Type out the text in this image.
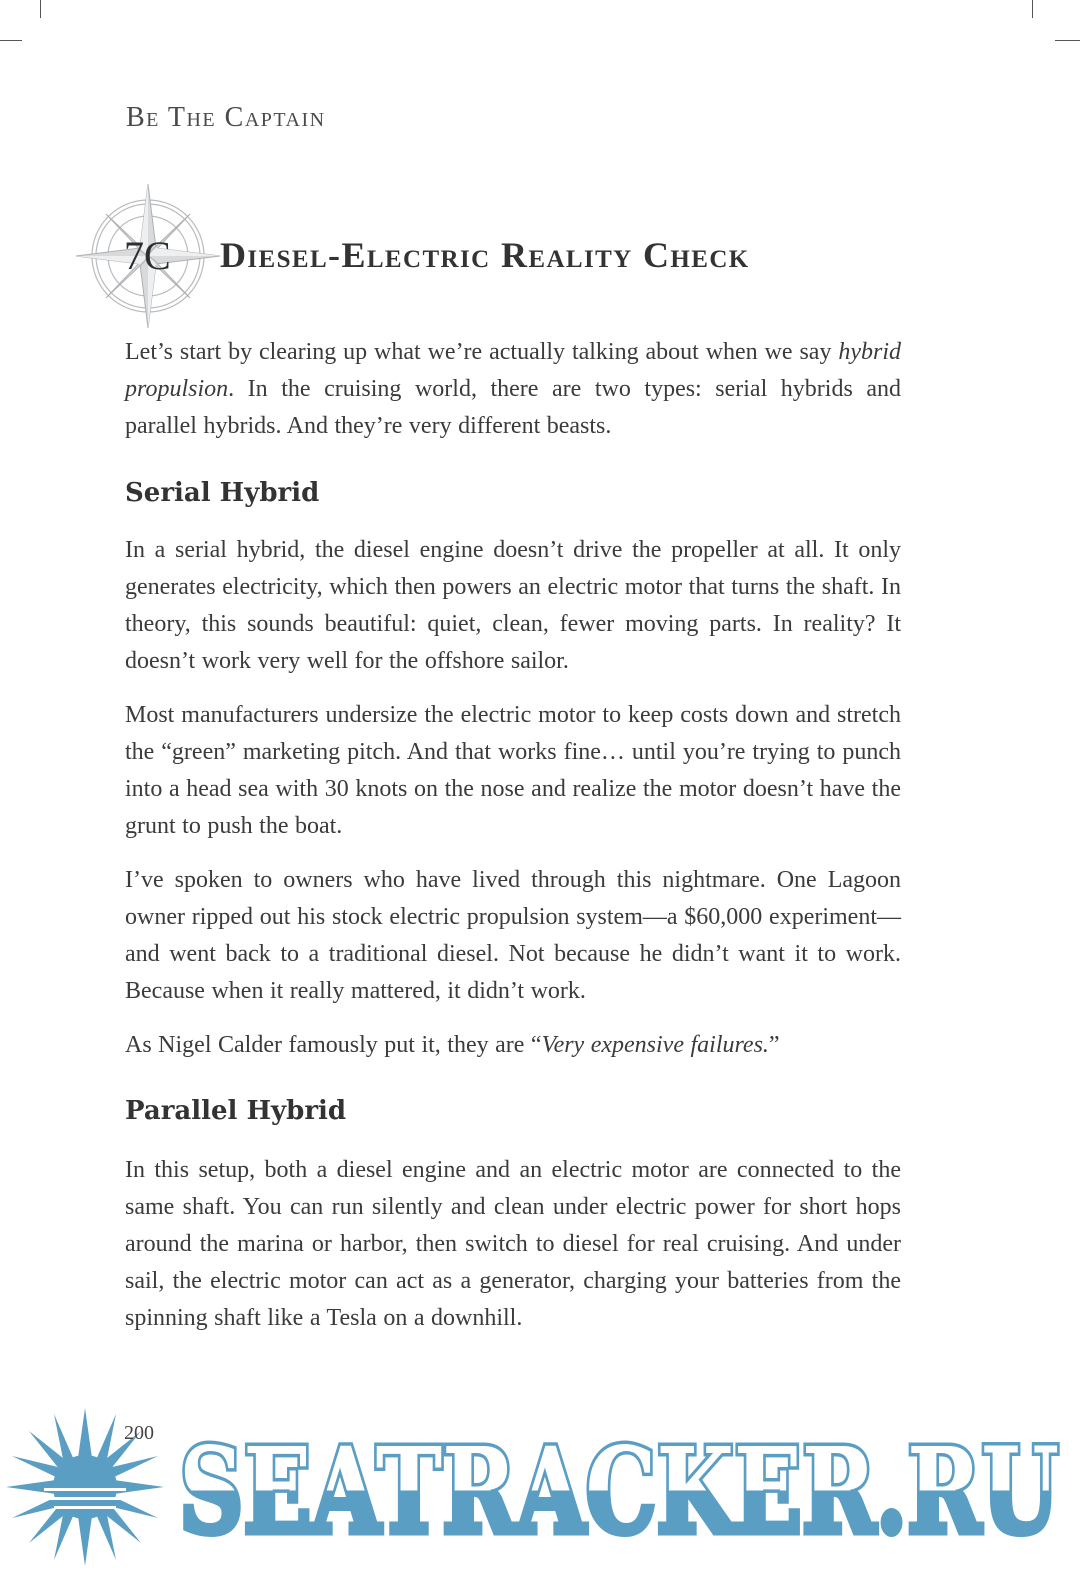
Be The Captain
7C Diesel-Electric Reality Check

Let’s start by clearing up what we’re actually talking about when we say hybrid propulsion. In the cruising world, there are two types: serial hybrids and parallel hybrids. And they’re very different beasts.

Serial Hybrid

In a serial hybrid, the diesel engine doesn’t drive the propeller at all. It only generates electricity, which then powers an electric motor that turns the shaft. In theory, this sounds beautiful: quiet, clean, fewer moving parts. In reality? It doesn’t work very well for the offshore sailor.

Most manufacturers undersize the electric motor to keep costs down and stretch the “green” marketing pitch. And that works fine… until you’re trying to punch into a head sea with 30 knots on the nose and realize the motor doesn’t have the grunt to push the boat.

I’ve spoken to owners who have lived through this nightmare. One Lagoon owner ripped out his stock electric propulsion system—a $60,000 experiment—and went back to a traditional diesel. Not because he didn’t want it to work. Because when it really mattered, it didn’t work.

As Nigel Calder famously put it, they are “Very expensive failures.”

Parallel Hybrid

In this setup, both a diesel engine and an electric motor are connected to the same shaft. You can run silently and clean under electric power for short hops around the marina or harbor, then switch to diesel for real cruising. And under sail, the electric motor can act as a generator, charging your batteries from the spinning shaft like a Tesla on a downhill.

200 SEATRACKER.RU
